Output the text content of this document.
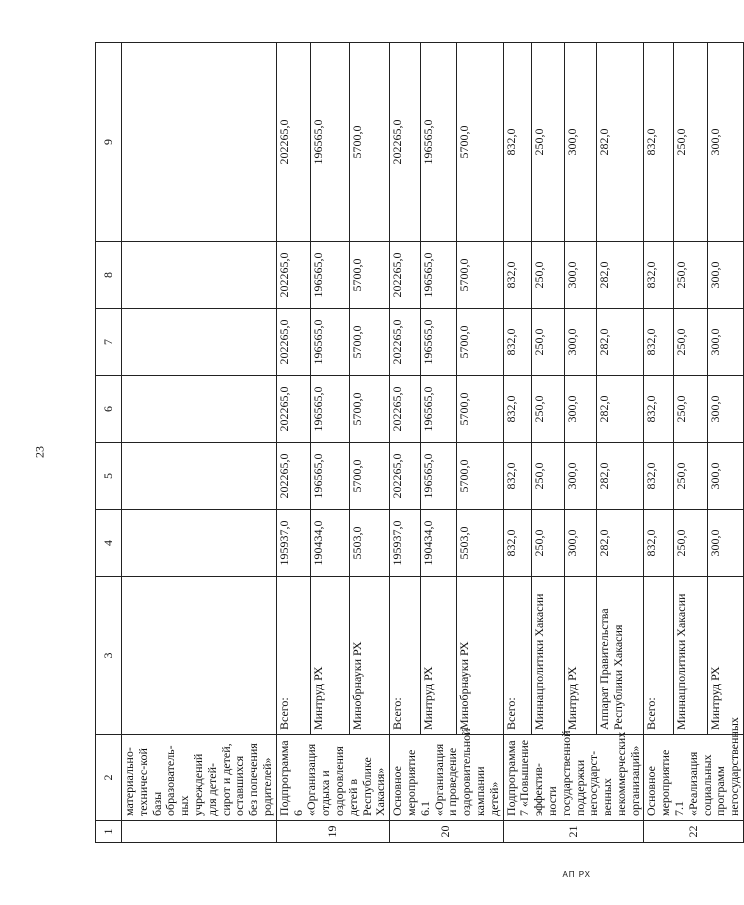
23
1	2	3	4	5	6	7	8	9
	материально-техничес-кой базы образователь-ных учреждений для детей-сирот и детей, оставшихся без попечения родителей»							
19	Подпрограмма 6 «Организация отдыха и оздоровления детей в Республике Хакасия»	Всего:	195937,0	202265,0	202265,0	202265,0	202265,0	202265,0
		Минтруд РХ	190434,0	196565,0	196565,0	196565,0	196565,0	196565,0
		Минобрнауки РХ	5503,0	5700,0	5700,0	5700,0	5700,0	5700,0
20	Основное мероприятие 6.1 «Организация и проведение оздоровительной кампании детей»	Всего:	195937,0	202265,0	202265,0	202265,0	202265,0	202265,0
		Минтруд РХ	190434,0	196565,0	196565,0	196565,0	196565,0	196565,0
		Минобрнауки РХ	5503,0	5700,0	5700,0	5700,0	5700,0	5700,0
21	Подпрограмма 7 «Повышение эффектив-ности государственной поддержки негосударст-венных некоммерческих организаций»	Всего:	832,0	832,0	832,0	832,0	832,0	832,0
		Миннацполитики Хакасии	250,0	250,0	250,0	250,0	250,0	250,0
		Минтруд РХ	300,0	300,0	300,0	300,0	300,0	300,0
		Аппарат Правительства Республики Хакасия	282,0	282,0	282,0	282,0	282,0	282,0
22	Основное мероприятие 7.1 «Реализация социальных программ негосударственных	Всего:	832,0	832,0	832,0	832,0	832,0	832,0
		Миннацполитики Хакасии	250,0	250,0	250,0	250,0	250,0	250,0
		Минтруд РХ	300,0	300,0	300,0	300,0	300,0	300,0
АП РХ
